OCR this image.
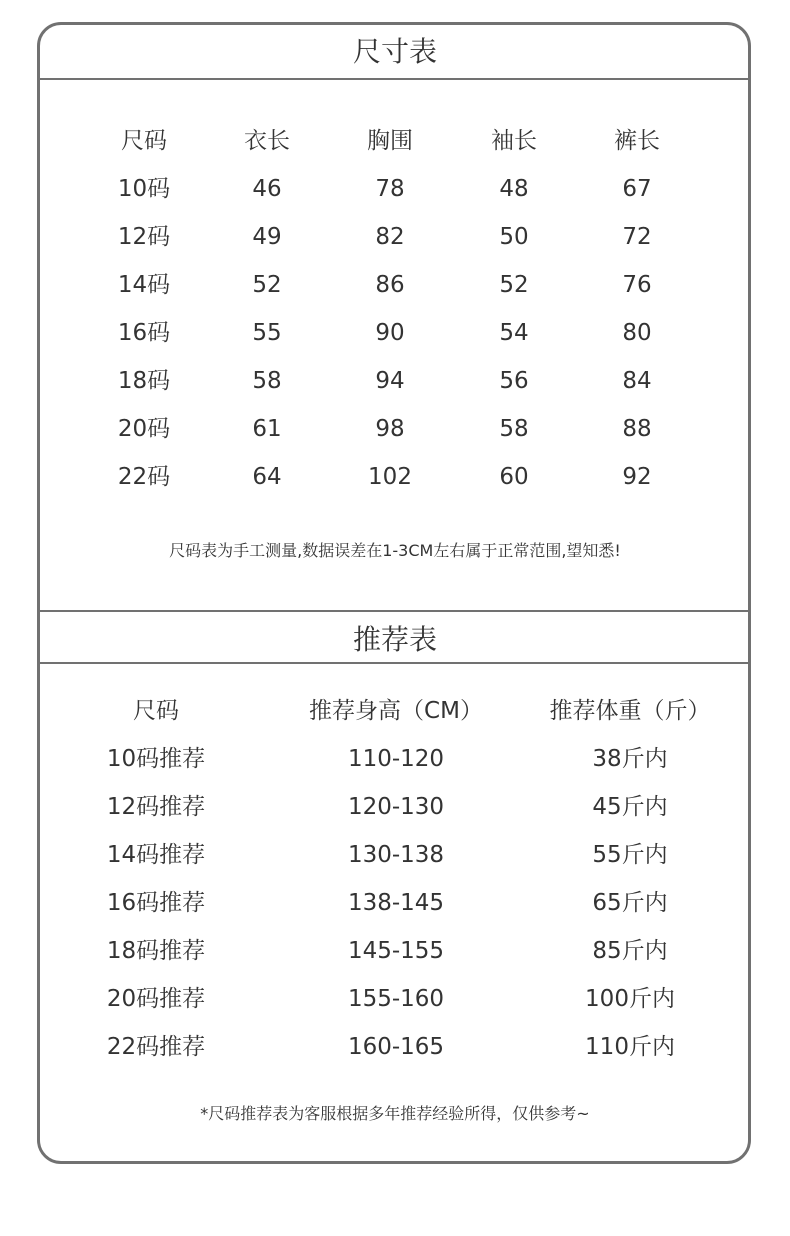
尺寸表
尺码	衣长	胸围	袖长	裤长
10码	46	78	48	67
12码	49	82	50	72
14码	52	86	52	76
16码	55	90	54	80
18码	58	94	56	84
20码	61	98	58	88
22码	64	102	60	92
尺码表为手工测量,数据误差在1-3CM左右属于正常范围,望知悉!
推荐表
尺码	推荐身高（CM）	推荐体重（斤）
10码推荐	110-120	38斤内
12码推荐	120-130	45斤内
14码推荐	130-138	55斤内
16码推荐	138-145	65斤内
18码推荐	145-155	85斤内
20码推荐	155-160	100斤内
22码推荐	160-165	110斤内
*尺码推荐表为客服根据多年推荐经验所得，仅供参考~
